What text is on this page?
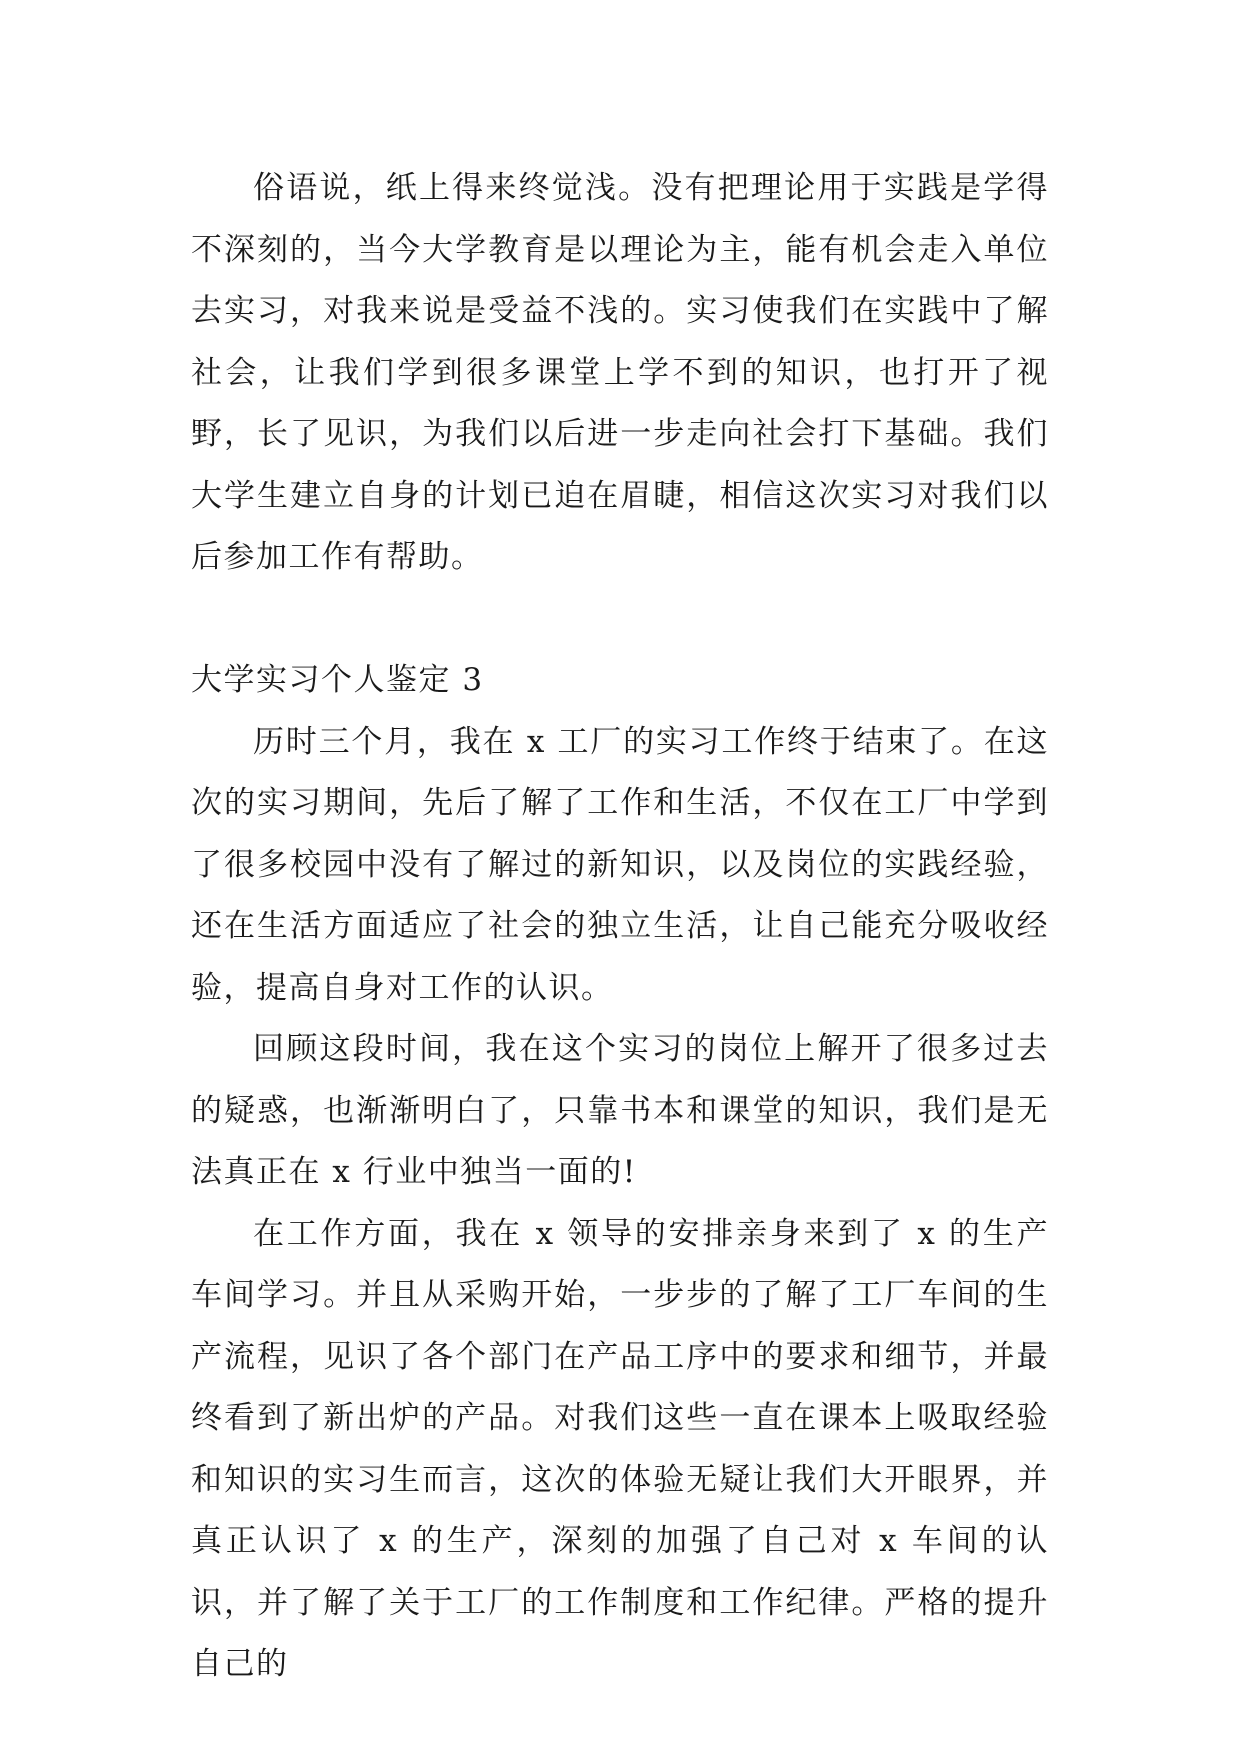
俗语说，纸上得来终觉浅。没有把理论用于实践是学得不深刻的，当今大学教育是以理论为主，能有机会走入单位去实习，对我来说是受益不浅的。实习使我们在实践中了解社会，让我们学到很多课堂上学不到的知识，也打开了视野，长了见识，为我们以后进一步走向社会打下基础。我们大学生建立自身的计划已迫在眉睫，相信这次实习对我们以后参加工作有帮助。

大学实习个人鉴定 3

历时三个月，我在 x 工厂的实习工作终于结束了。在这次的实习期间，先后了解了工作和生活，不仅在工厂中学到了很多校园中没有了解过的新知识，以及岗位的实践经验，还在生活方面适应了社会的独立生活，让自己能充分吸收经验，提高自身对工作的认识。

回顾这段时间，我在这个实习的岗位上解开了很多过去的疑惑，也渐渐明白了，只靠书本和课堂的知识，我们是无法真正在 x 行业中独当一面的!

在工作方面，我在 x 领导的安排亲身来到了 x 的生产车间学习。并且从采购开始，一步步的了解了工厂车间的生产流程，见识了各个部门在产品工序中的要求和细节，并最终看到了新出炉的产品。对我们这些一直在课本上吸取经验和知识的实习生而言，这次的体验无疑让我们大开眼界，并真正认识了 x 的生产，深刻的加强了自己对 x 车间的认识，并了解了关于工厂的工作制度和工作纪律。严格的提升自己的
